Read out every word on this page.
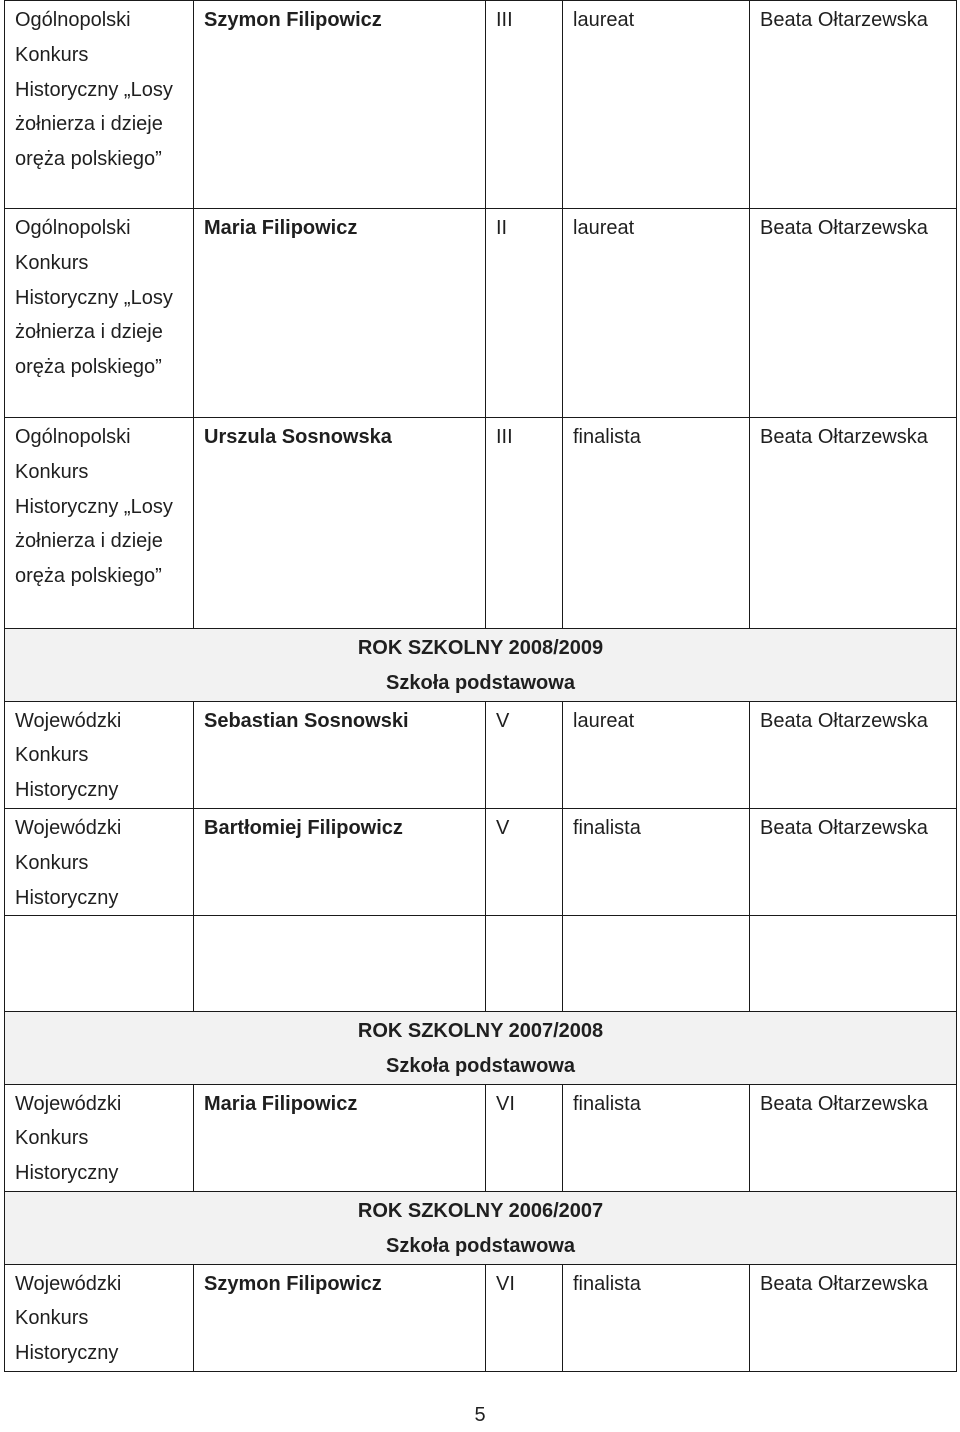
Ogólnopolski Konkurs Historyczny „Losy żołnierza i dzieje oręża polskiego”	Szymon Filipowicz	III	laureat	Beata Ołtarzewska
Ogólnopolski Konkurs Historyczny „Losy żołnierza i dzieje oręża polskiego”	Maria Filipowicz	II	laureat	Beata Ołtarzewska
Ogólnopolski Konkurs Historyczny „Losy żołnierza i dzieje oręża polskiego”	Urszula Sosnowska	III	finalista	Beata Ołtarzewska

ROK SZKOLNY 2008/2009
Szkoła podstawowa				

Wojewódzki Konkurs Historyczny	Sebastian Sosnowski	V	laureat	Beata Ołtarzewska
Wojewódzki Konkurs Historyczny	Bartłomiej Filipowicz	V	finalista	Beata Ołtarzewska

ROK SZKOLNY 2007/2008
Szkoła podstawowa				

Wojewódzki Konkurs Historyczny	Maria Filipowicz	VI	finalista	Beata Ołtarzewska

ROK SZKOLNY 2006/2007
Szkoła podstawowa				

Wojewódzki Konkurs Historyczny	Szymon Filipowicz	VI	finalista	Beata Ołtarzewska
5
